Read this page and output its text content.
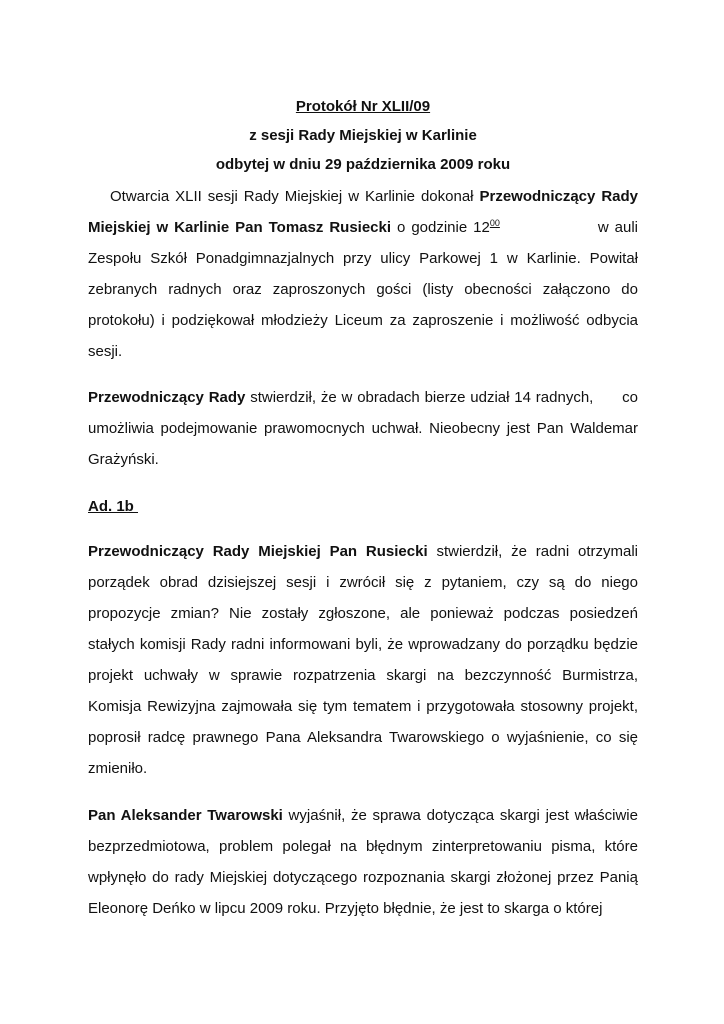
Protokół Nr XLII/09
z sesji Rady Miejskiej w Karlinie
odbytej w dniu 29 października 2009 roku

Otwarcia XLII sesji Rady Miejskiej w Karlinie dokonał Przewodniczący Rady Miejskiej w Karlinie Pan Tomasz Rusiecki o godzinie $12^{00}$	w auli Zespołu Szkół Ponadgimnazjalnych przy ulicy Parkowej 1 w Karlinie. Powitał zebranych radnych oraz zaproszonych gości (listy obecności załączono do protokołu) i podziękował młodzieży Liceum za zaproszenie i możliwość odbycia sesji.

Przewodniczący Rady stwierdził, że w obradach bierze udział 14 radnych, co umożliwia podejmowanie prawomocnych uchwał. Nieobecny jest Pan Waldemar Grażyński.

Ad. 1b

Przewodniczący Rady Miejskiej Pan Rusiecki stwierdził, że radni otrzymali porządek obrad dzisiejszej sesji i zwrócił się z pytaniem, czy są do niego propozycje zmian? Nie zostały zgłoszone, ale ponieważ podczas posiedzeń stałych komisji Rady radni informowani byli, że wprowadzany do porządku będzie projekt uchwały w sprawie rozpatrzenia skargi na bezczynność Burmistrza, Komisja Rewizyjna zajmowała się tym tematem i przygotowała stosowny projekt, poprosił radcę prawnego Pana Aleksandra Twarowskiego o wyjaśnienie, co się zmieniło.

Pan Aleksander Twarowski wyjaśnił, że sprawa dotycząca skargi jest właściwie bezprzedmiotowa, problem polegał na błędnym zinterpretowaniu pisma, które wpłynęło do rady Miejskiej dotyczącego rozpoznania skargi złożonej przez Panią Eleonorę Deńko w lipcu 2009 roku. Przyjęto błędnie, że jest to skarga o której
